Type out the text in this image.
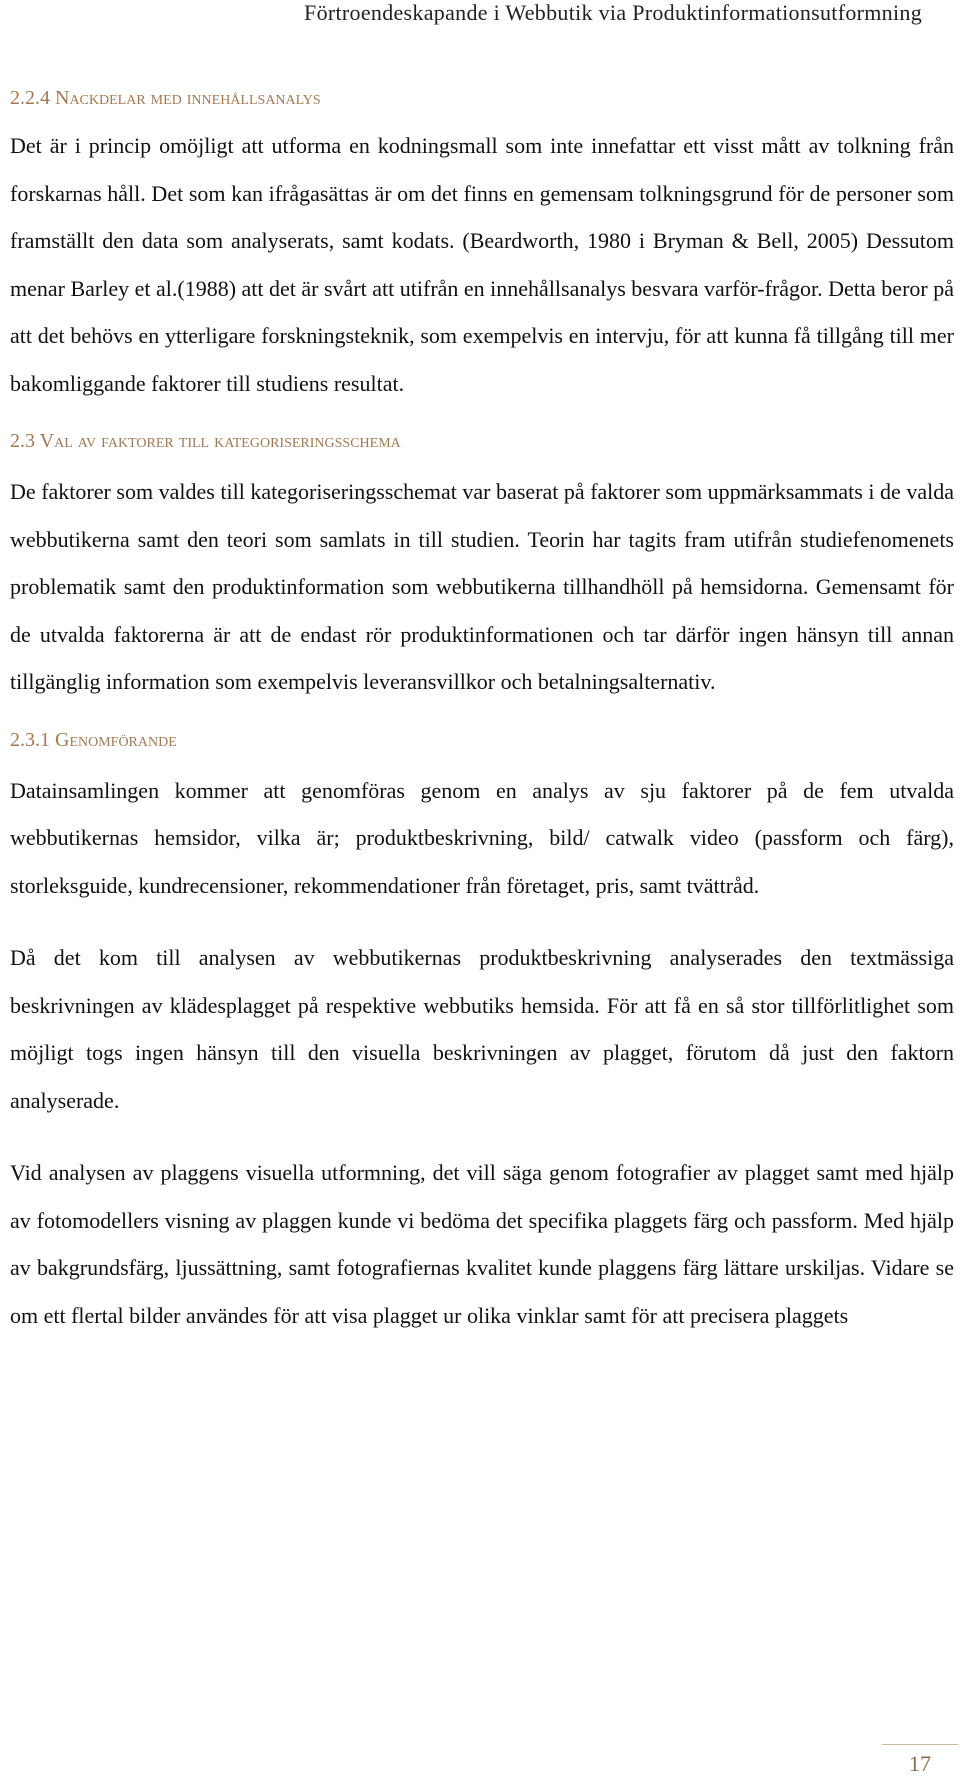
Förtroendeskapande i Webbutik via Produktinformationsutformning
2.2.4 Nackdelar med innehållsanalys

Det är i princip omöjligt att utforma en kodningsmall som inte innefattar ett visst mått av tolkning från forskarnas håll. Det som kan ifrågasättas är om det finns en gemensam tolkningsgrund för de personer som framställt den data som analyserats, samt kodats. (Beardworth, 1980 i Bryman & Bell, 2005) Dessutom menar Barley et al.(1988) att det är svårt att utifrån en innehållsanalys besvara varför-frågor. Detta beror på att det behövs en ytterligare forskningsteknik, som exempelvis en intervju, för att kunna få tillgång till mer bakomliggande faktorer till studiens resultat.

2.3 Val av faktorer till kategoriseringsschema

De faktorer som valdes till kategoriseringsschemat var baserat på faktorer som uppmärksammats i de valda webbutikerna samt den teori som samlats in till studien. Teorin har tagits fram utifrån studiefenomenets problematik samt den produktinformation som webbutikerna tillhandhöll på hemsidorna. Gemensamt för de utvalda faktorerna är att de endast rör produktinformationen och tar därför ingen hänsyn till annan tillgänglig information som exempelvis leveransvillkor och betalningsalternativ.

2.3.1 Genomförande

Datainsamlingen kommer att genomföras genom en analys av sju faktorer på de fem utvalda webbutikernas hemsidor, vilka är; produktbeskrivning, bild/ catwalk video (passform och färg), storleksguide, kundrecensioner, rekommendationer från företaget, pris, samt tvättråd.

Då det kom till analysen av webbutikernas produktbeskrivning analyserades den textmässiga beskrivningen av klädesplagget på respektive webbutiks hemsida. För att få en så stor tillförlitlighet som möjligt togs ingen hänsyn till den visuella beskrivningen av plagget, förutom då just den faktorn analyserade.

Vid analysen av plaggens visuella utformning, det vill säga genom fotografier av plagget samt med hjälp av fotomodellers visning av plaggen kunde vi bedöma det specifika plaggets färg och passform. Med hjälp av bakgrundsfärg, ljussättning, samt fotografiernas kvalitet kunde plaggens färg lättare urskiljas. Vidare se om ett flertal bilder användes för att visa plagget ur olika vinklar samt för att precisera plaggets

17
